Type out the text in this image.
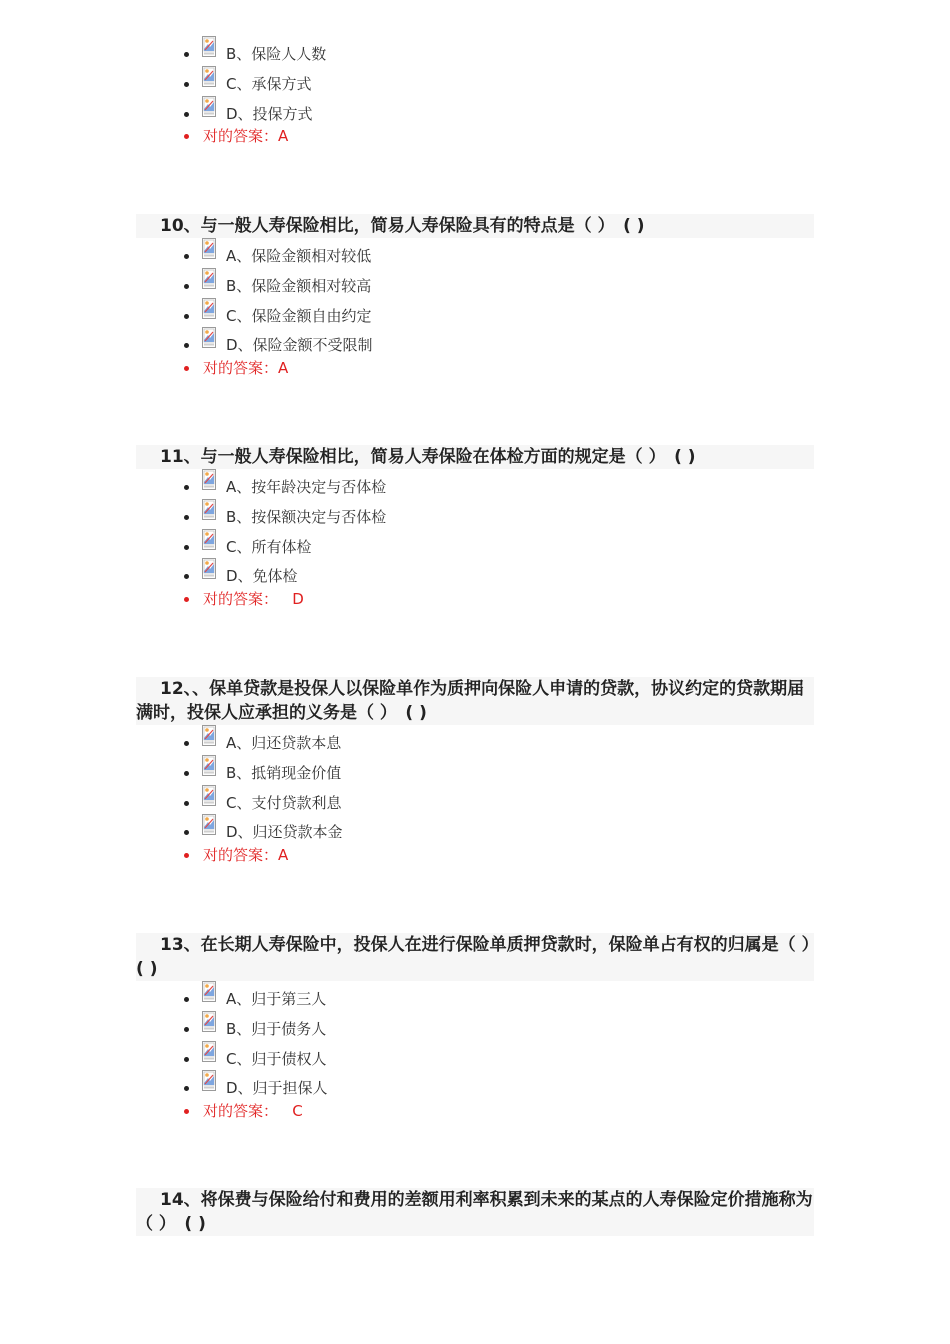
B、保险人人数
C、承保方式
D、投保方式
对的答案：A
10、与一般人寿保险相比，简易人寿保险具有的特点是（ ）　( )
A、保险金额相对较低
B、保险金额相对较高
C、保险金额自由约定
D、保险金额不受限制
对的答案：A
11、与一般人寿保险相比，简易人寿保险在体检方面的规定是（ ）　( )
A、按年龄决定与否体检
B、按保额决定与否体检
C、所有体检
D、免体检
对的答案：   D
12、、保单贷款是投保人以保险单作为质押向保险人申请的贷款，协议约定的贷款期届满时，投保人应承担的义务是（ ）　( )
A、归还贷款本息
B、抵销现金价值
C、支付贷款利息
D、归还贷款本金
对的答案：A
13、在长期人寿保险中，投保人在进行保险单质押贷款时，保险单占有权的归属是（ ）　( )
A、归于第三人
B、归于债务人
C、归于债权人
D、归于担保人
对的答案：   C
14、将保费与保险给付和费用的差额用利率积累到未来的某点的人寿保险定价措施称为（ ）　( )
